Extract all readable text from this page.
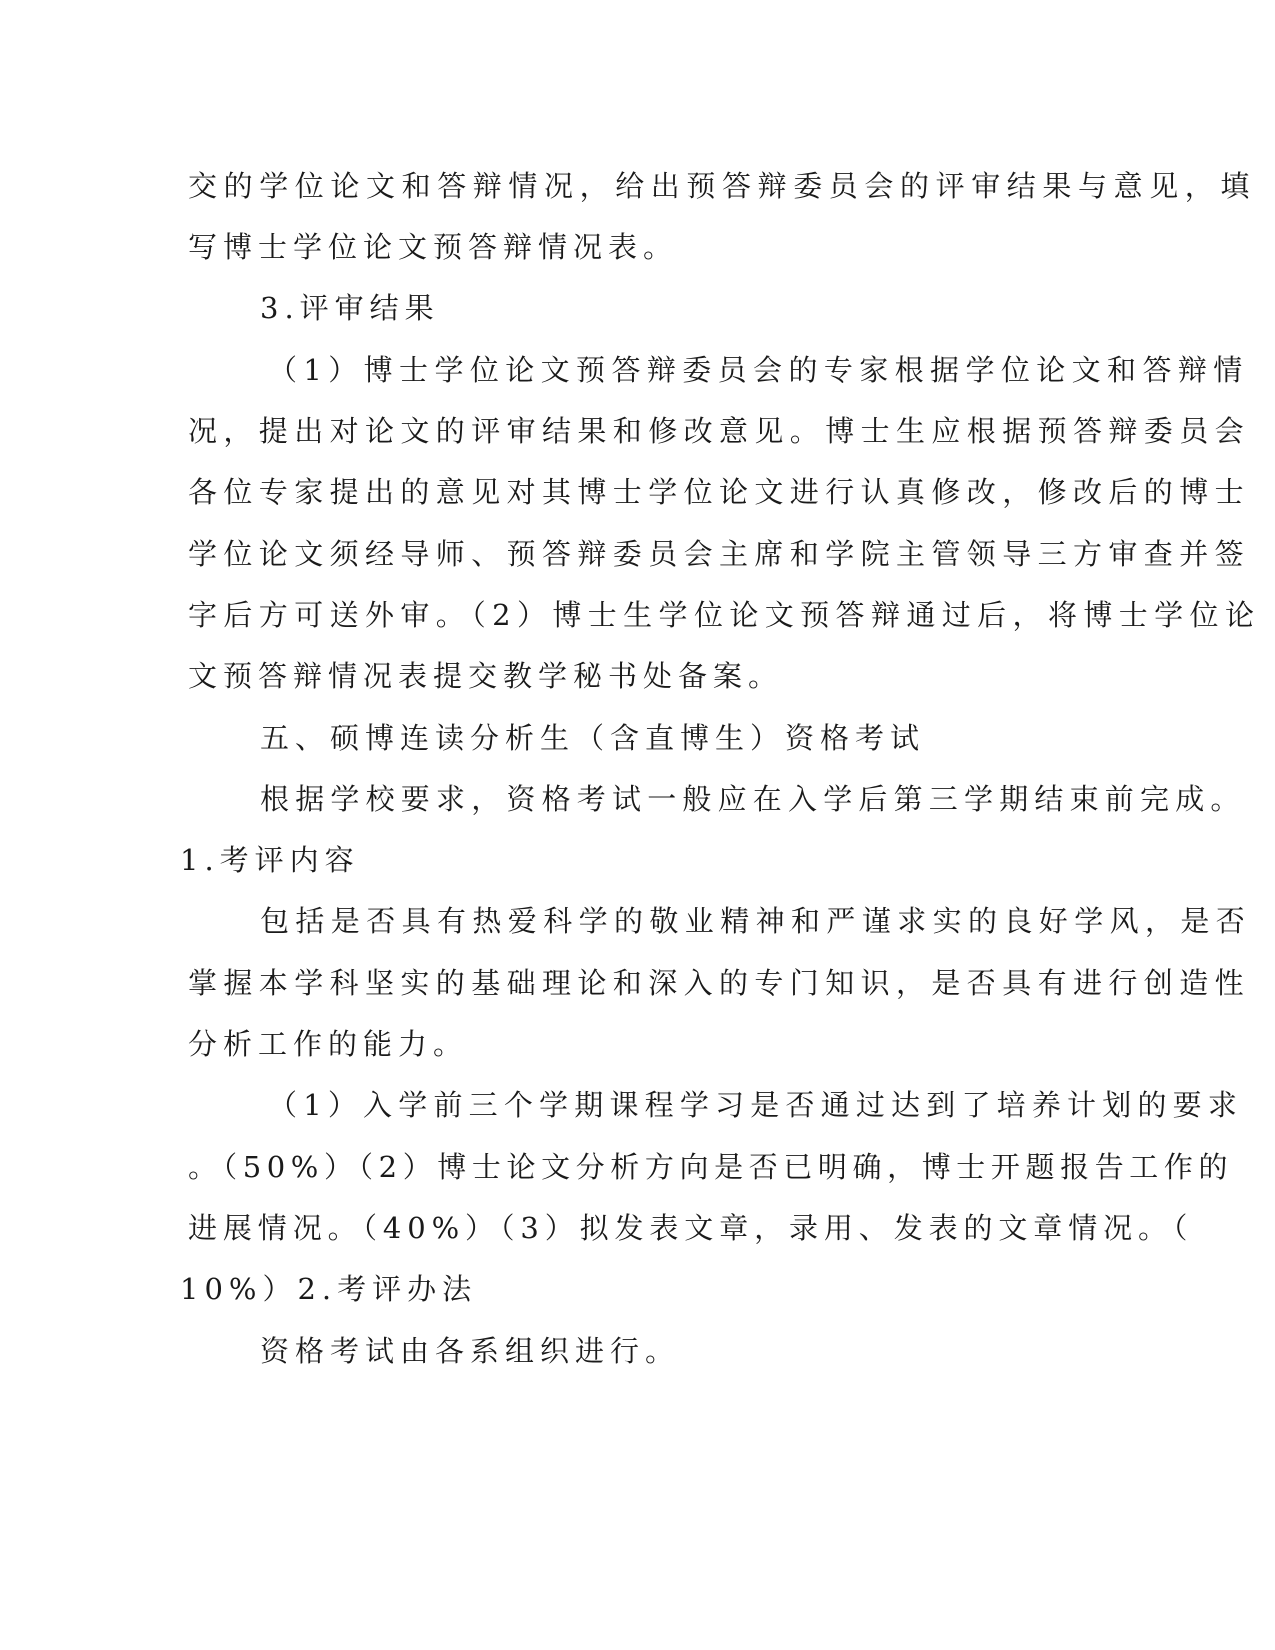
交的学位论文和答辩情况，给出预答辩委员会的评审结果与意见，填
写博士学位论文预答辩情况表。
3.评审结果
（1）博士学位论文预答辩委员会的专家根据学位论文和答辩情
况，提出对论文的评审结果和修改意见。博士生应根据预答辩委员会
各位专家提出的意见对其博士学位论文进行认真修改，修改后的博士
学位论文须经导师、预答辩委员会主席和学院主管领导三方审查并签
字后方可送外审。（2）博士生学位论文预答辩通过后，将博士学位论
文预答辩情况表提交教学秘书处备案。
五、硕博连读分析生（含直博生）资格考试
根据学校要求，资格考试一般应在入学后第三学期结束前完成。
1.考评内容
包括是否具有热爱科学的敬业精神和严谨求实的良好学风，是否
掌握本学科坚实的基础理论和深入的专门知识，是否具有进行创造性
分析工作的能力。
（1）入学前三个学期课程学习是否通过达到了培养计划的要求
。（50%）（2）博士论文分析方向是否已明确，博士开题报告工作的
进展情况。（40%）（3）拟发表文章，录用、发表的文章情况。（
10%）2.考评办法
资格考试由各系组织进行。
